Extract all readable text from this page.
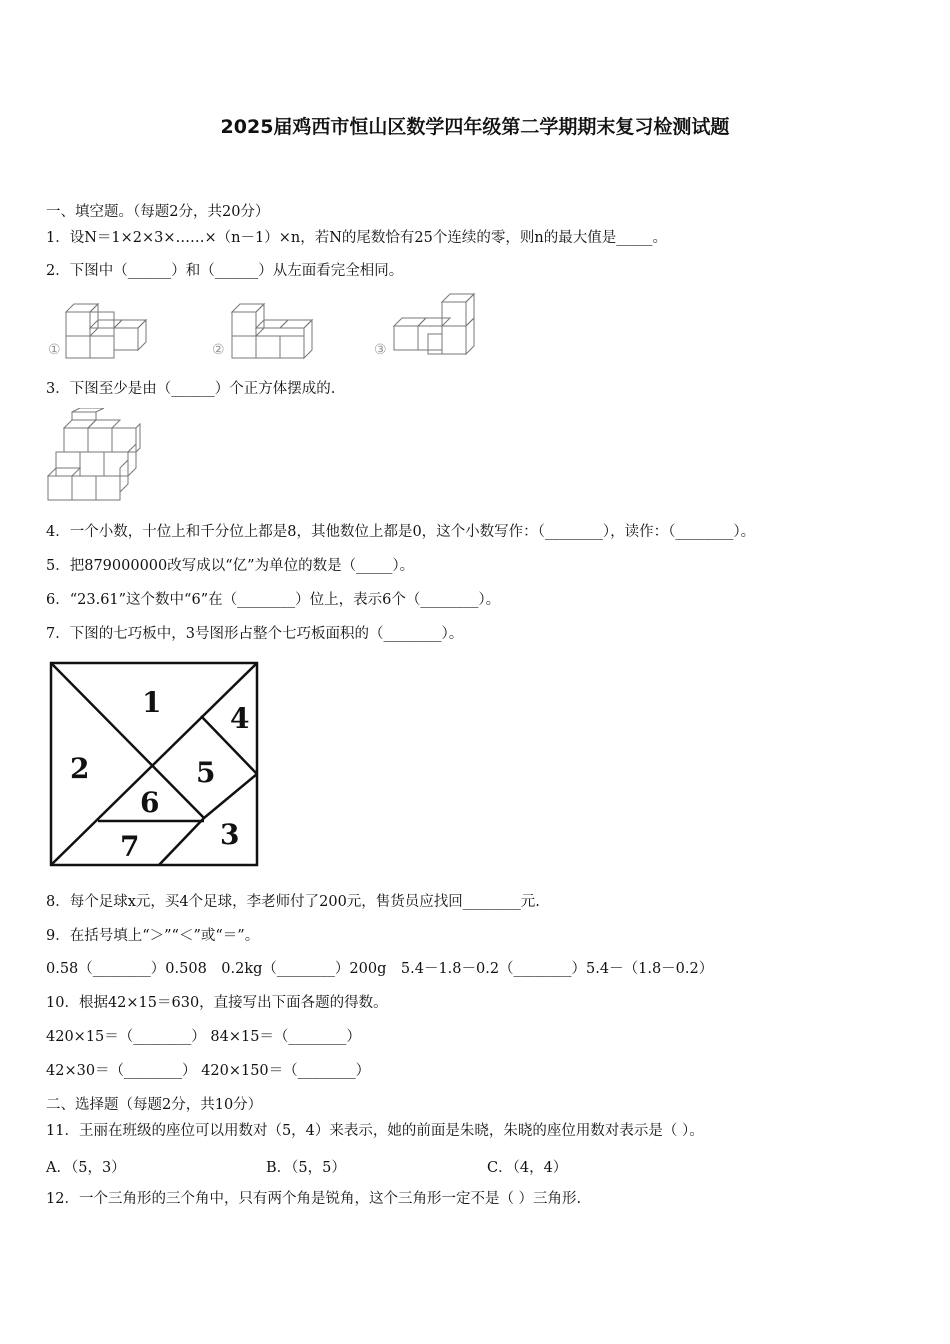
2025届鸡西市恒山区数学四年级第二学期期末复习检测试题
一、填空题。（每题2分，共20分）
1．设N＝1×2×3×……×（n－1）×n，若N的尾数恰有25个连续的零，则n的最大值是_____。
2．下图中（______）和（______）从左面看完全相同。
①	②	③
3．下图至少是由（______）个正方体摆成的.
4．一个小数，十位上和千分位上都是8，其他数位上都是0，这个小数写作：（________），读作：（________）。
5．把879000000改写成以“亿”为单位的数是（_____）。
6．“23.61”这个数中“6”在（________）位上，表示6个（________）。
7．下图的七巧板中，3号图形占整个七巧板面积的（________）。
1
2
3
4
5
6
7
8．每个足球x元，买4个足球，李老师付了200元，售货员应找回________元.
9．在括号填上“＞”“＜”或“＝”。
0.58（________）0.508　0.2kg（________）200g　5.4－1.8－0.2（________）5.4－（1.8－0.2）
10．根据42×15＝630，直接写出下面各题的得数。
420×15＝（________） 84×15＝（________）
42×30＝（________） 420×150＝（________）
二、选择题（每题2分，共10分）
11．王丽在班级的座位可以用数对（5，4）来表示，她的前面是朱晓，朱晓的座位用数对表示是（ ）。
A．（5，3）	B．（5，5）	C．（4，4）
12．一个三角形的三个角中，只有两个角是锐角，这个三角形一定不是（ ）三角形.
